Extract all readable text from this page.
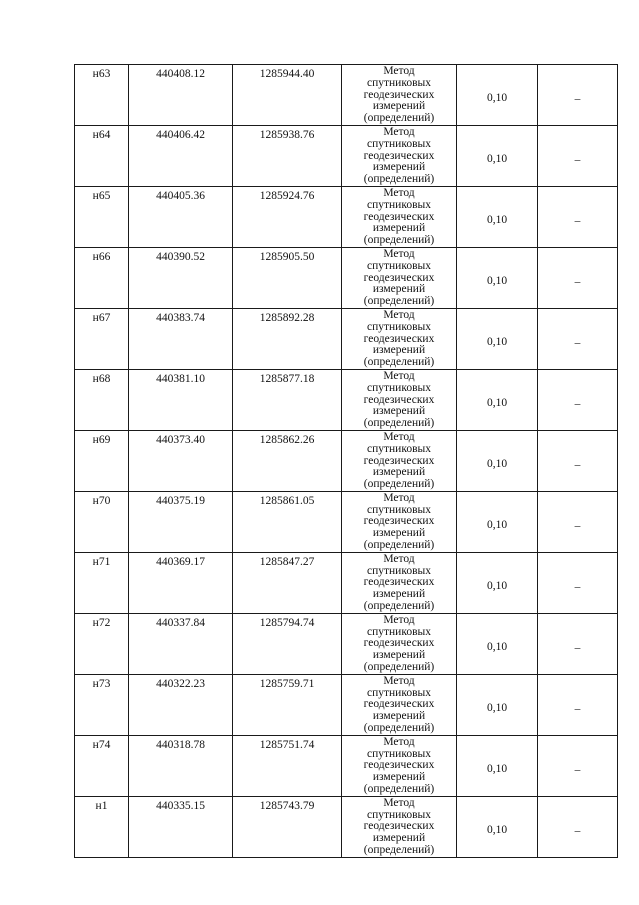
н63	440408.12	1285944.40	Метод
спутниковых
геодезических
измерений
(определений)	0,10	–

н64	440406.42	1285938.76	Метод
спутниковых
геодезических
измерений
(определений)	0,10	–

н65	440405.36	1285924.76	Метод
спутниковых
геодезических
измерений
(определений)	0,10	–

н66	440390.52	1285905.50	Метод
спутниковых
геодезических
измерений
(определений)	0,10	–

н67	440383.74	1285892.28	Метод
спутниковых
геодезических
измерений
(определений)	0,10	–

н68	440381.10	1285877.18	Метод
спутниковых
геодезических
измерений
(определений)	0,10	–

н69	440373.40	1285862.26	Метод
спутниковых
геодезических
измерений
(определений)	0,10	–

н70	440375.19	1285861.05	Метод
спутниковых
геодезических
измерений
(определений)	0,10	–

н71	440369.17	1285847.27	Метод
спутниковых
геодезических
измерений
(определений)	0,10	–

н72	440337.84	1285794.74	Метод
спутниковых
геодезических
измерений
(определений)	0,10	–

н73	440322.23	1285759.71	Метод
спутниковых
геодезических
измерений
(определений)	0,10	–

н74	440318.78	1285751.74	Метод
спутниковых
геодезических
измерений
(определений)	0,10	–

н1	440335.15	1285743.79	Метод
спутниковых
геодезических
измерений
(определений)	0,10	–
